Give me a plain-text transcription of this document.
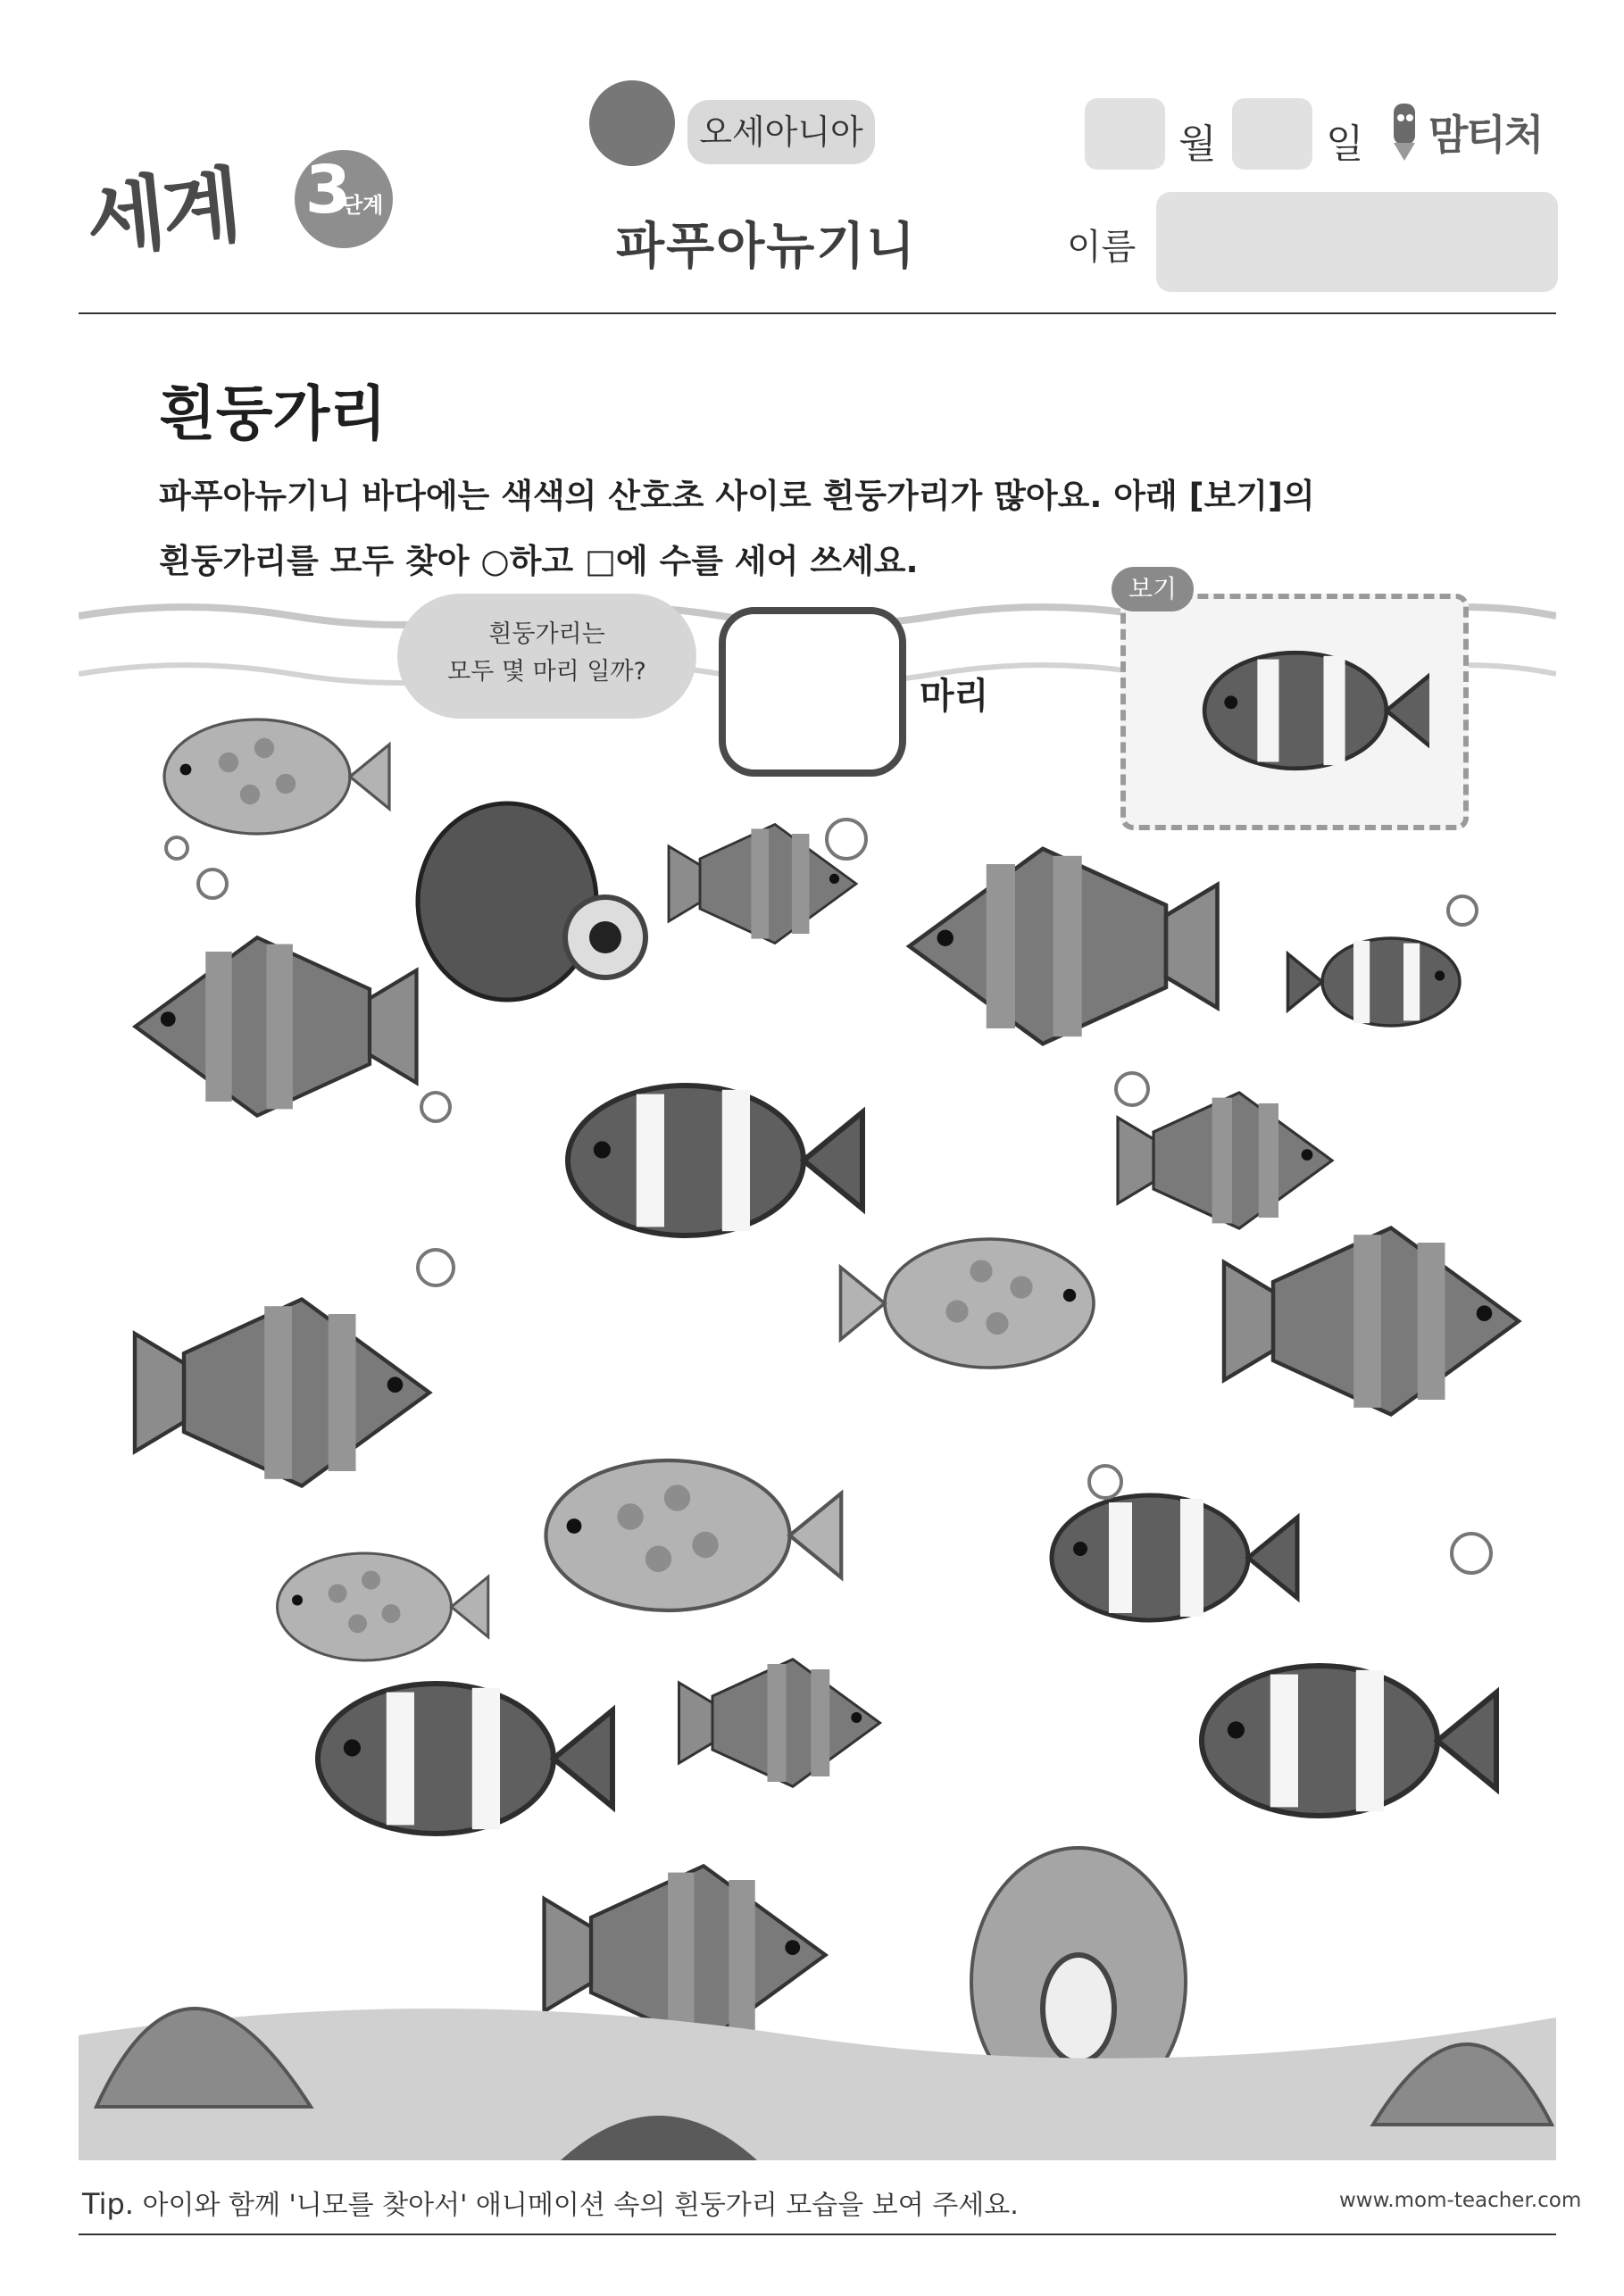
세계 3
단계
오세아니아
파푸아뉴기니
월	일 맘티처
이름
흰둥가리
파푸아뉴기니 바다에는 색색의 산호초 사이로 흰둥가리가 많아요. 아래 [보기]의
흰둥가리를 모두 찾아 ○하고 □에 수를 세어 쓰세요.
흰둥가리는
모두 몇 마리 일까?
마리
보기
Tip. 아이와 함께 '니모를 찾아서' 애니메이션 속의 흰둥가리 모습을 보여 주세요.	www.mom-teacher.com
